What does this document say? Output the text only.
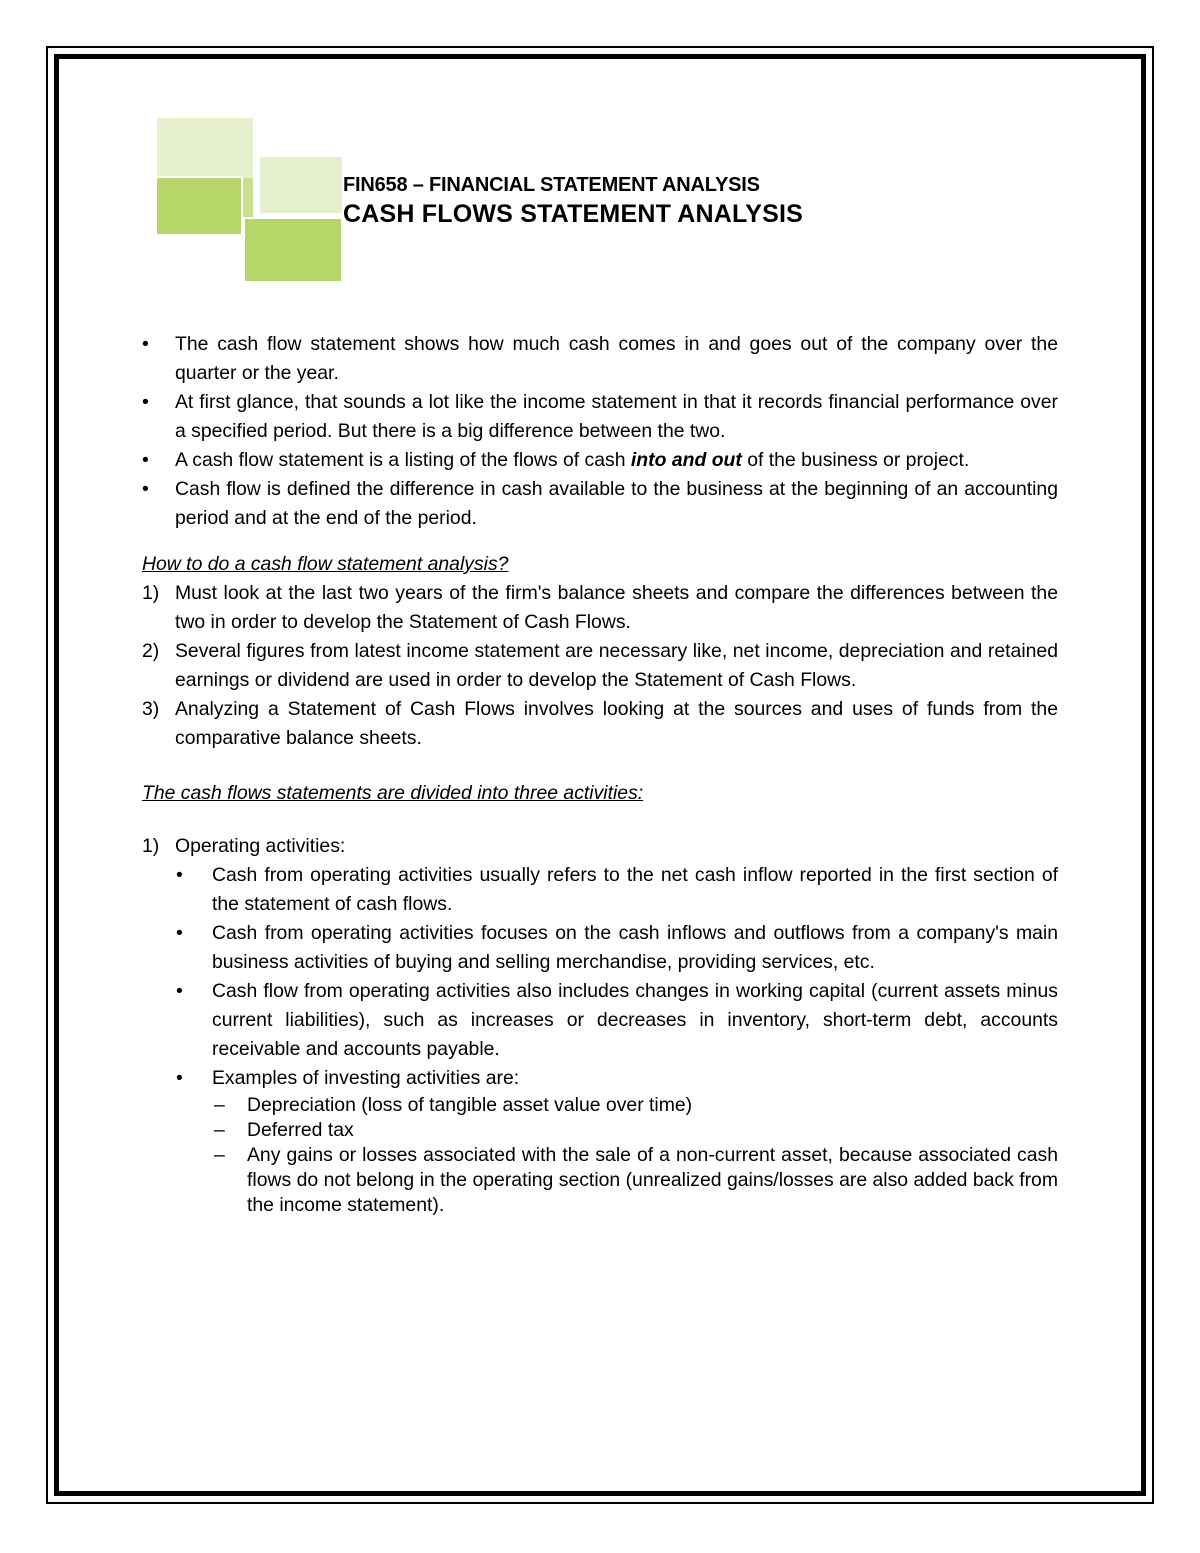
FIN658 – FINANCIAL STATEMENT ANALYSIS
CASH FLOWS STATEMENT ANALYSIS
•	The cash flow statement shows how much cash comes in and goes out of the company over the quarter or the year.
•	At first glance, that sounds a lot like the income statement in that it records financial performance over a specified period. But there is a big difference between the two.
•	A cash flow statement is a listing of the flows of cash into and out of the business or project.
•	Cash flow is defined the difference in cash available to the business at the beginning of an accounting period and at the end of the period.
How to do a cash flow statement analysis?
1) Must look at the last two years of the firm's balance sheets and compare the differences between the two in order to develop the Statement of Cash Flows.
2) Several figures from latest income statement are necessary like, net income, depreciation and retained earnings or dividend are used in order to develop the Statement of Cash Flows.
3) Analyzing a Statement of Cash Flows involves looking at the sources and uses of funds from the comparative balance sheets.
The cash flows statements are divided into three activities:
1) Operating activities:
• Cash from operating activities usually refers to the net cash inflow reported in the first section of the statement of cash flows.
• Cash from operating activities focuses on the cash inflows and outflows from a company's main business activities of buying and selling merchandise, providing services, etc.
• Cash flow from operating activities also includes changes in working capital (current assets minus current liabilities), such as increases or decreases in inventory, short-term debt, accounts receivable and accounts payable.
• Examples of investing activities are:
– Depreciation (loss of tangible asset value over time)
– Deferred tax
– Any gains or losses associated with the sale of a non-current asset, because associated cash flows do not belong in the operating section (unrealized gains/losses are also added back from the income statement).
